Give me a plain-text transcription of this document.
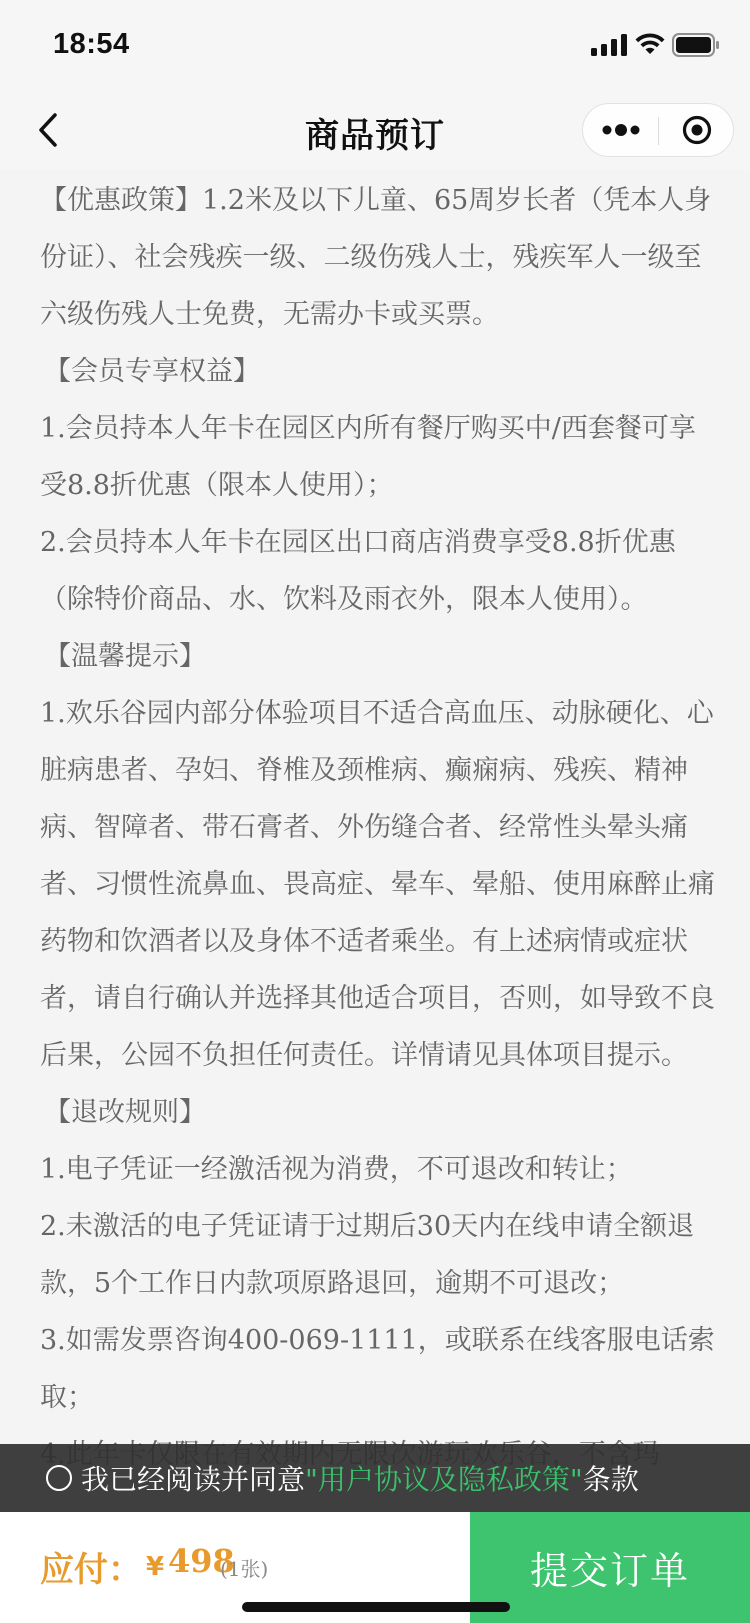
18:54
商品预订

【优惠政策】1.2米及以下儿童、65周岁长者（凭本人身份证）、社会残疾一级、二级伤残人士，残疾军人一级至六级伤残人士免费，无需办卡或买票。

【会员专享权益】

1.会员持本人年卡在园区内所有餐厅购买中/西套餐可享受8.8折优惠（限本人使用）；

2.会员持本人年卡在园区出口商店消费享受8.8折优惠（除特价商品、水、饮料及雨衣外，限本人使用）。

【温馨提示】

1.欢乐谷园内部分体验项目不适合高血压、动脉硬化、心脏病患者、孕妇、脊椎及颈椎病、癫痫病、残疾、精神病、智障者、带石膏者、外伤缝合者、经常性头晕头痛者、习惯性流鼻血、畏高症、晕车、晕船、使用麻醉止痛药物和饮酒者以及身体不适者乘坐。有上述病情或症状者，请自行确认并选择其他适合项目，否则，如导致不良后果，公园不负担任何责任。详情请见具体项目提示。

【退改规则】

1.电子凭证一经激活视为消费，不可退改和转让；

2.未激活的电子凭证请于过期后30天内在线申请全额退款，5个工作日内款项原路退回，逾期不可退改；

3.如需发票咨询400-069-1111，或联系在线客服电话索取；

我已经阅读并同意 "用户协议及隐私政策" 条款
应付： ¥ 498
(1张)	提交订单
